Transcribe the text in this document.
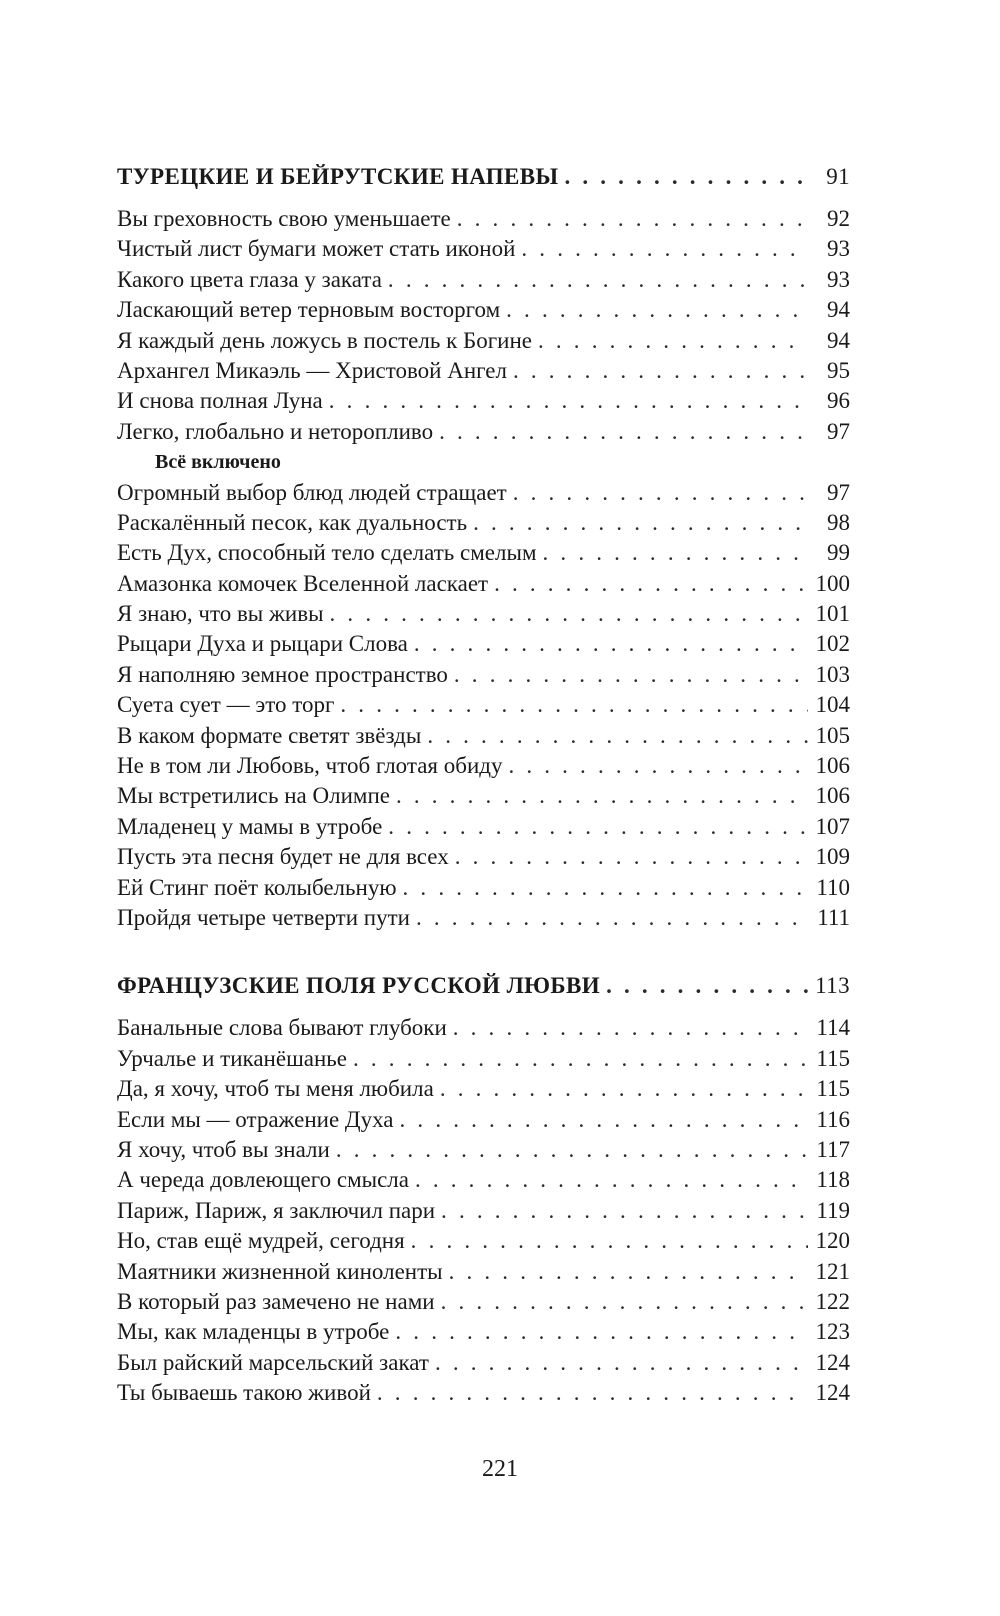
ТУРЕЦКИЕ И БЕЙРУТСКИЕ НАПЕВЫ . . .	91
Вы греховность свою уменьшаете . . .	92
Чистый лист бумаги может стать иконой . . .	93
Какого цвета глаза у заката . . .	93
Ласкающий ветер терновым восторгом . . .	94
Я каждый день ложусь в постель к Богине . . .	94
Архангел Микаэль — Христовой Ангел . . .	95
И снова полная Луна . . .	96
Легко, глобально и неторопливо . . .	97
Всё включено
Огромный выбор блюд людей стращает . . .	97
Раскалённый песок, как дуальность . . .	98
Есть Дух, способный тело сделать смелым . . .	99
Амазонка комочек Вселенной ласкает . . .	100
Я знаю, что вы живы . . .	101
Рыцари Духа и рыцари Слова . . .	102
Я наполняю земное пространство . . .	103
Суета сует — это торг . . .	104
В каком формате светят звёзды . . .	105
Не в том ли Любовь, чтоб глотая обиду . . .	106
Мы встретились на Олимпе . . .	106
Младенец у мамы в утробе . . .	107
Пусть эта песня будет не для всех . . .	109
Ей Стинг поёт колыбельную . . .	110
Пройдя четыре четверти пути . . .	111
ФРАНЦУЗСКИЕ ПОЛЯ РУССКОЙ ЛЮБВИ . . .	113
Банальные слова бывают глубоки . . .	114
Урчалье и тиканёшанье . . .	115
Да, я хочу, чтоб ты меня любила . . .	115
Если мы — отражение Духа . . .	116
Я хочу, чтоб вы знали . . .	117
А череда довлеющего смысла . . .	118
Париж, Париж, я заключил пари . . .	119
Но, став ещё мудрей, сегодня . . .	120
Маятники жизненной киноленты . . .	121
В который раз замечено не нами . . .	122
Мы, как младенцы в утробе . . .	123
Был райский марсельский закат . . .	124
Ты бываешь такою живой . . .	124
221
